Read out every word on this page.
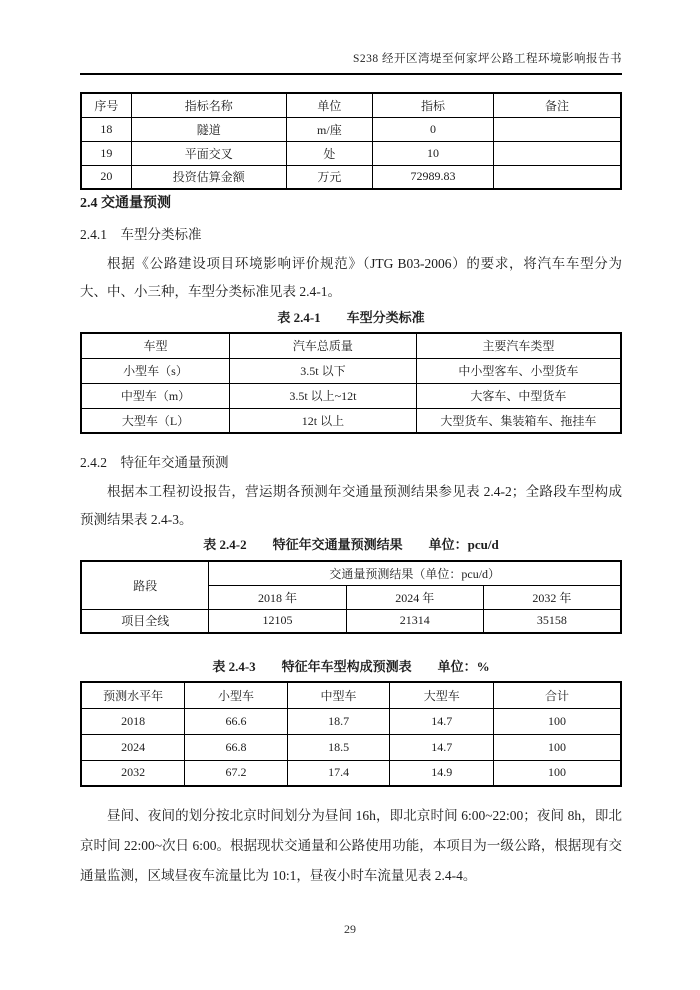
S238 经开区湾堤至何家坪公路工程环境影响报告书
序号	指标名称	单位	指标	备注
18	隧道	m/座	0	
19	平面交叉	处	10	
20	投资估算金额	万元	72989.83	
2.4 交通量预测
2.4.1　车型分类标准
根据《公路建设项目环境影响评价规范》（JTG B03-2006）的要求，将汽车车型分为大、中、小三种，车型分类标准见表 2.4-1。
表 2.4-1　　车型分类标准
车型	汽车总质量	主要汽车类型
小型车（s）	3.5t 以下	中小型客车、小型货车
中型车（m）	3.5t 以上~12t	大客车、中型货车
大型车（L）	12t 以上	大型货车、集装箱车、拖挂车
2.4.2　特征年交通量预测
根据本工程初设报告，营运期各预测年交通量预测结果参见表 2.4-2；全路段车型构成预测结果表 2.4-3。
表 2.4-2　　特征年交通量预测结果　　单位：pcu/d
路段	交通量预测结果（单位：pcu/d）		
	2018 年	2024 年	2032 年
项目全线	12105	21314	35158
表 2.4-3　　特征年车型构成预测表　　单位：%
预测水平年	小型车	中型车	大型车	合计
2018	66.6	18.7	14.7	100
2024	66.8	18.5	14.7	100
2032	67.2	17.4	14.9	100
昼间、夜间的划分按北京时间划分为昼间 16h，即北京时间 6:00~22:00；夜间 8h，即北京时间 22:00~次日 6:00。根据现状交通量和公路使用功能，本项目为一级公路，根据现有交通量监测，区域昼夜车流量比为 10:1，昼夜小时车流量见表 2.4-4。
29
